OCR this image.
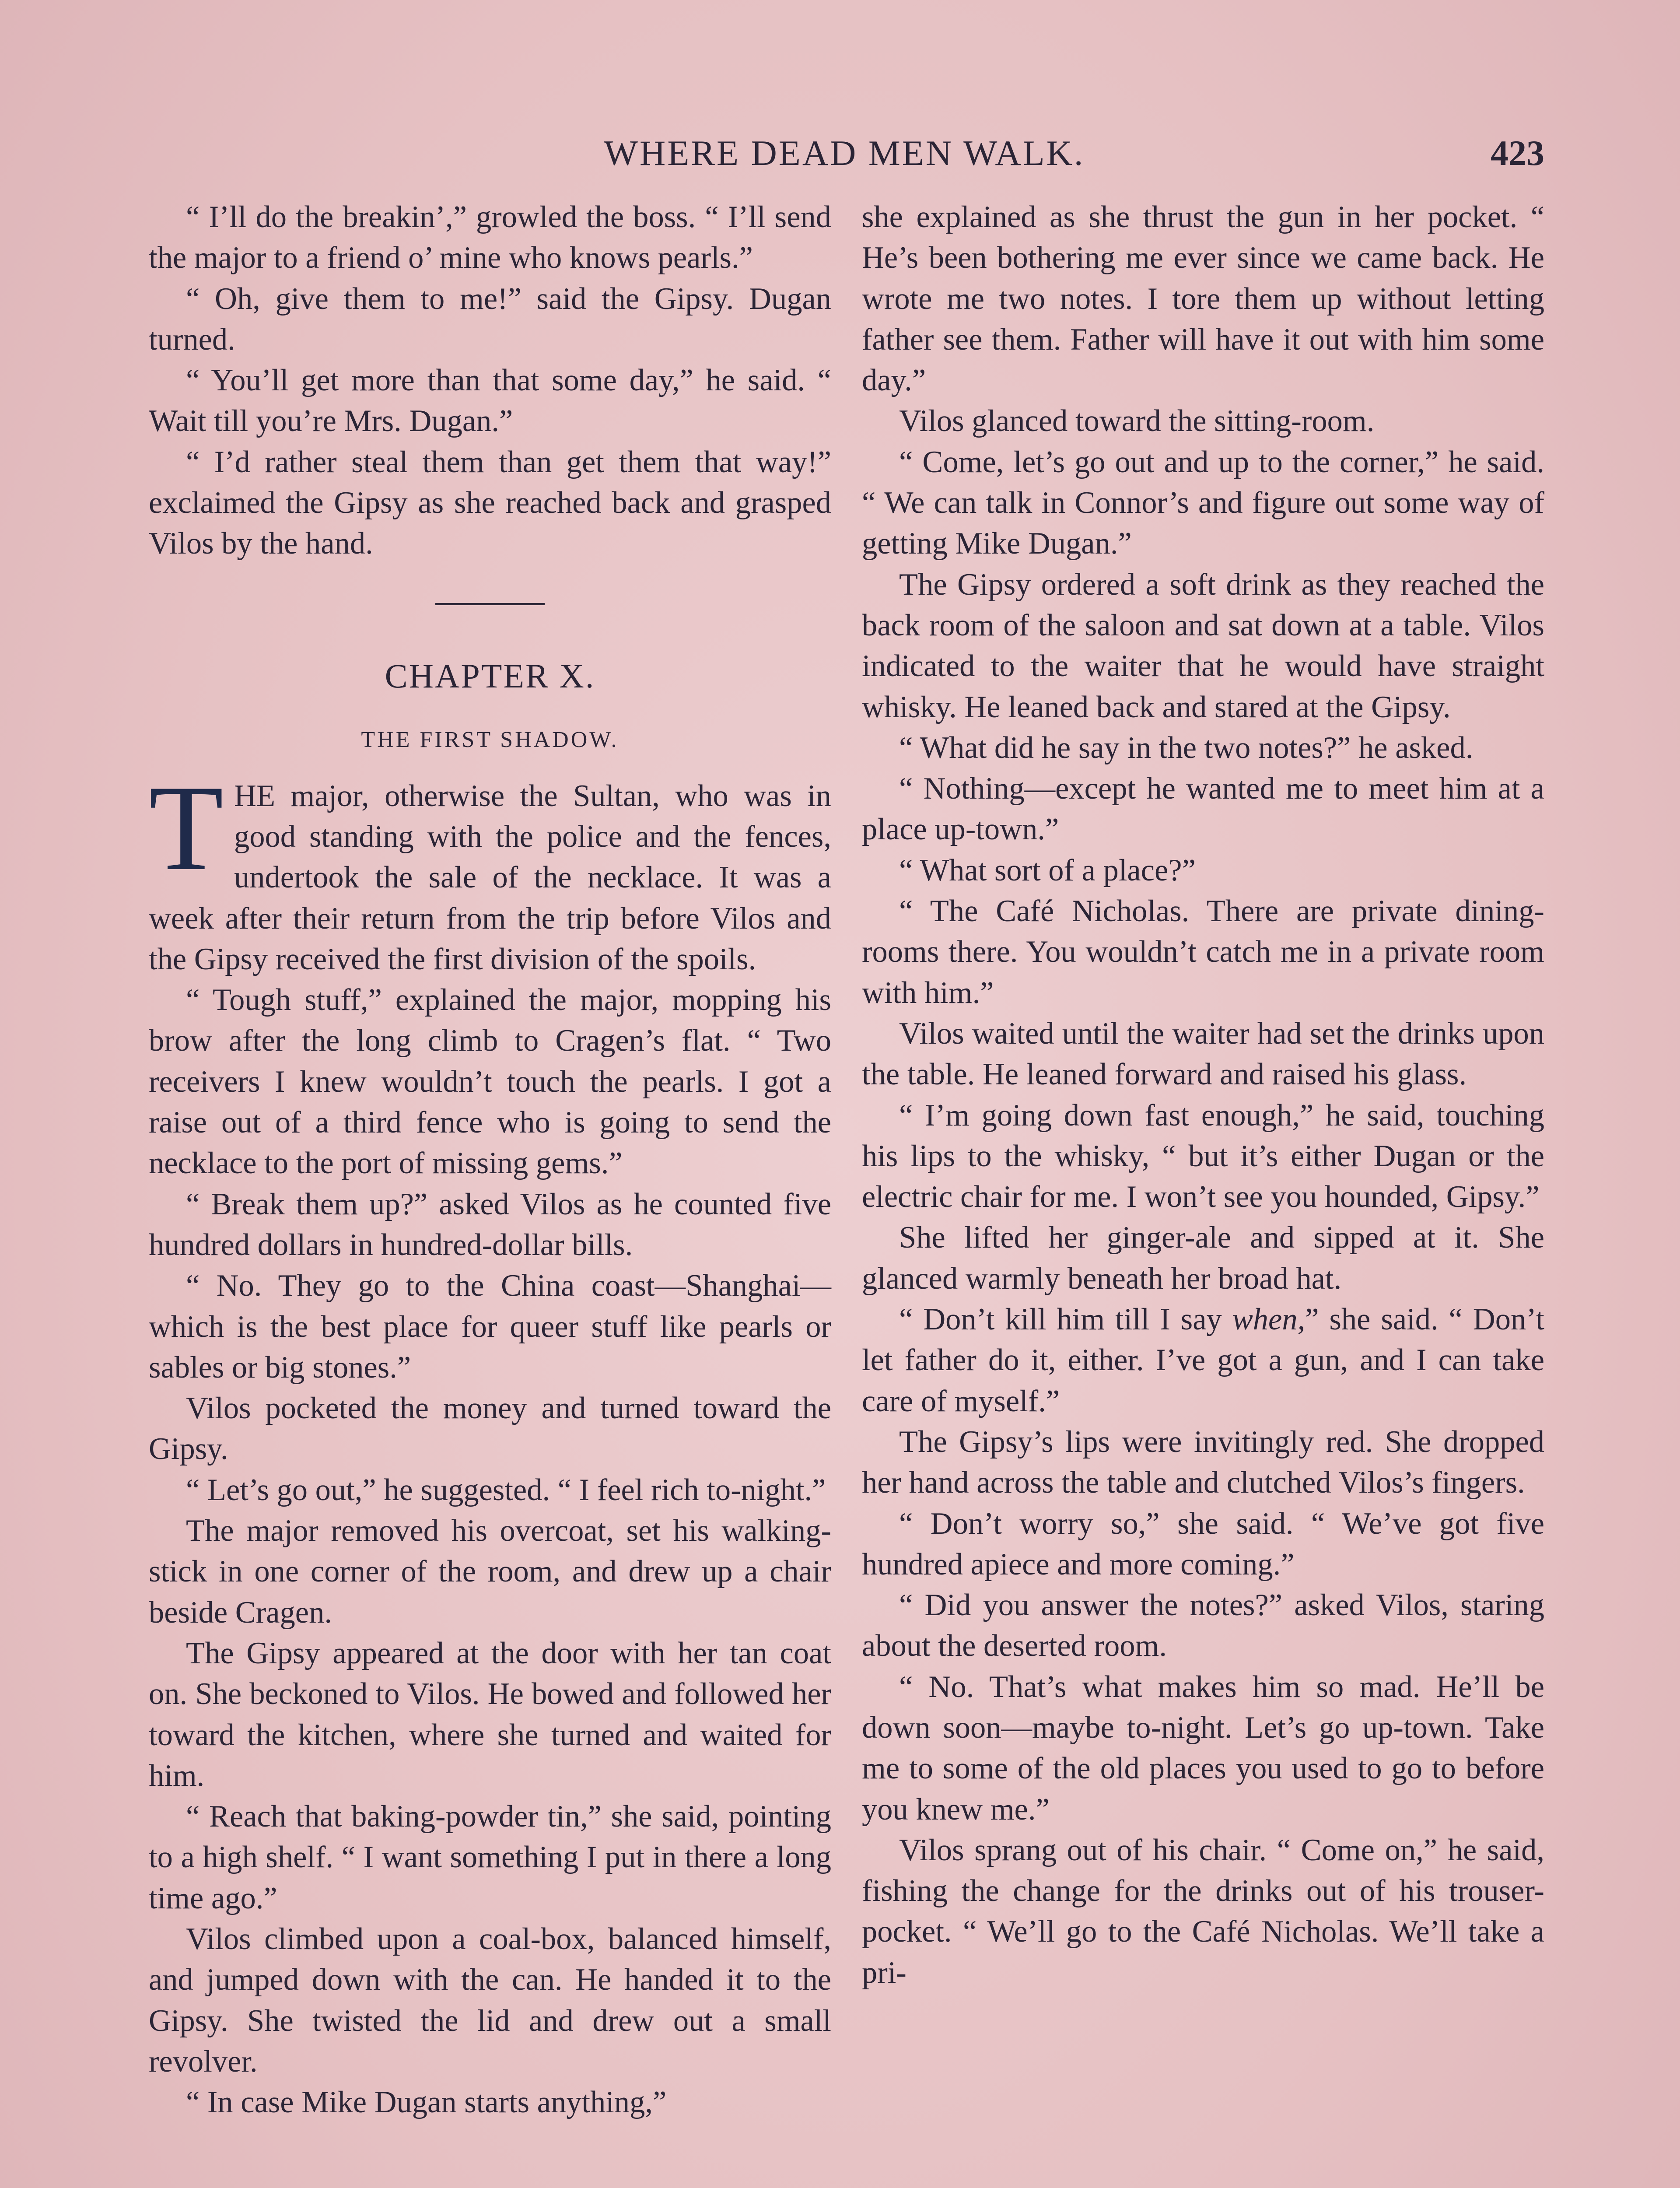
WHERE DEAD MEN WALK.	423

“ I’ll do the breakin’,” growled the boss. “ I’ll send the major to a friend o’ mine who knows pearls.”

“ Oh, give them to me!” said the Gipsy. Dugan turned.

“ You’ll get more than that some day,” he said. “ Wait till you’re Mrs. Dugan.”

“ I’d rather steal them than get them that way!” exclaimed the Gipsy as she reached back and grasped Vilos by the hand.

CHAPTER X.
THE FIRST SHADOW.

THE major, otherwise the Sultan, who was in good standing with the police and the fences, undertook the sale of the necklace. It was a week after their return from the trip before Vilos and the Gipsy received the first division of the spoils.

“ Tough stuff,” explained the major, mopping his brow after the long climb to Cragen’s flat. “ Two receivers I knew wouldn’t touch the pearls. I got a raise out of a third fence who is going to send the necklace to the port of missing gems.”

“ Break them up?” asked Vilos as he counted five hundred dollars in hundred-dollar bills.

“ No. They go to the China coast—Shanghai—which is the best place for queer stuff like pearls or sables or big stones.”

Vilos pocketed the money and turned toward the Gipsy.

“ Let’s go out,” he suggested. “ I feel rich to-night.”

The major removed his overcoat, set his walking-stick in one corner of the room, and drew up a chair beside Cragen.

The Gipsy appeared at the door with her tan coat on. She beckoned to Vilos. He bowed and followed her toward the kitchen, where she turned and waited for him.

“ Reach that baking-powder tin,” she said, pointing to a high shelf. “ I want something I put in there a long time ago.”

Vilos climbed upon a coal-box, balanced himself, and jumped down with the can. He handed it to the Gipsy. She twisted the lid and drew out a small revolver.

“ In case Mike Dugan starts anything,”

she explained as she thrust the gun in her pocket. “ He’s been bothering me ever since we came back. He wrote me two notes. I tore them up without letting father see them. Father will have it out with him some day.”

Vilos glanced toward the sitting-room.

“ Come, let’s go out and up to the corner,” he said. “ We can talk in Connor’s and figure out some way of getting Mike Dugan.”

The Gipsy ordered a soft drink as they reached the back room of the saloon and sat down at a table. Vilos indicated to the waiter that he would have straight whisky. He leaned back and stared at the Gipsy.

“ What did he say in the two notes?” he asked.

“ Nothing—except he wanted me to meet him at a place up-town.”

“ What sort of a place?”

“ The Café Nicholas. There are private dining-rooms there. You wouldn’t catch me in a private room with him.”

Vilos waited until the waiter had set the drinks upon the table. He leaned forward and raised his glass.

“ I’m going down fast enough,” he said, touching his lips to the whisky, “ but it’s either Dugan or the electric chair for me. I won’t see you hounded, Gipsy.”

She lifted her ginger-ale and sipped at it. She glanced warmly beneath her broad hat.

“ Don’t kill him till I say when,” she said. “ Don’t let father do it, either. I’ve got a gun, and I can take care of myself.”

The Gipsy’s lips were invitingly red. She dropped her hand across the table and clutched Vilos’s fingers.

“ Don’t worry so,” she said. “ We’ve got five hundred apiece and more coming.”

“ Did you answer the notes?” asked Vilos, staring about the deserted room.

“ No. That’s what makes him so mad. He’ll be down soon—maybe to-night. Let’s go up-town. Take me to some of the old places you used to go to before you knew me.”

Vilos sprang out of his chair. “ Come on,” he said, fishing the change for the drinks out of his trouser-pocket. “ We’ll go to the Café Nicholas. We’ll take a pri-
